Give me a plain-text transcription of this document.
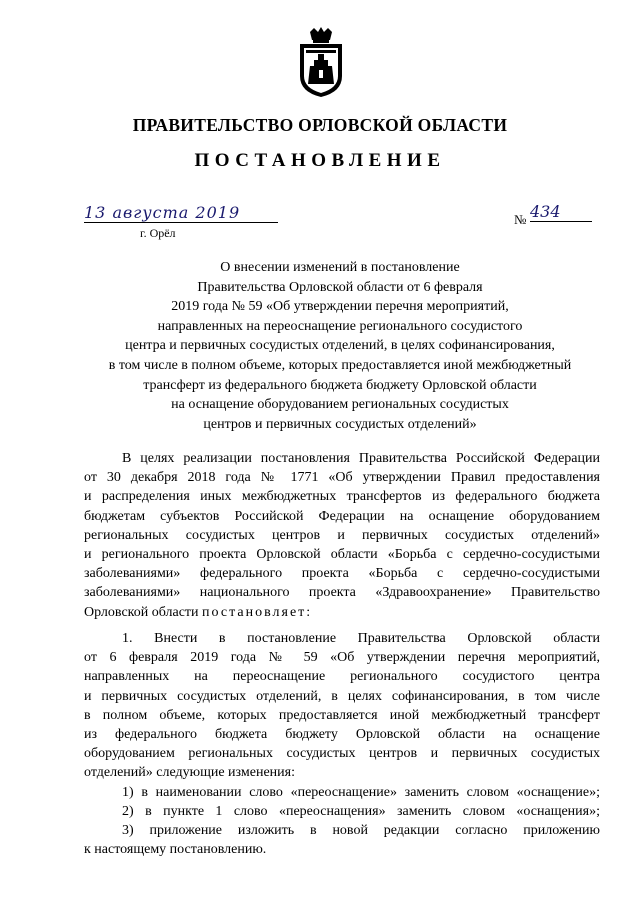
ПРАВИТЕЛЬСТВО ОРЛОВСКОЙ ОБЛАСТИ
ПОСТАНОВЛЕНИЕ
13 августа 2019
г. Орёл
№ 434
О внесении изменений в постановление
Правительства Орловской области от 6 февраля
2019 года № 59 «Об утверждении перечня мероприятий,
направленных на переоснащение регионального сосудистого
центра и первичных сосудистых отделений, в целях софинансирования,
в том числе в полном объеме, которых предоставляется иной межбюджетный
трансферт из федерального бюджета бюджету Орловской области
на оснащение оборудованием региональных сосудистых
центров и первичных сосудистых отделений»
В целях реализации постановления Правительства Российской Федерации
от 30 декабря 2018 года № 1771 «Об утверждении Правил предоставления
и распределения иных межбюджетных трансфертов из федерального бюджета
бюджетам субъектов Российской Федерации на оснащение оборудованием
региональных сосудистых центров и первичных сосудистых отделений»
и регионального проекта Орловской области «Борьба с сердечно-сосудистыми
заболеваниями» федерального проекта «Борьба с сердечно-сосудистыми
заболеваниями» национального проекта «Здравоохранение» Правительство
Орловской области постановляет:
1. Внести в постановление Правительства Орловской области
от 6 февраля 2019 года № 59 «Об утверждении перечня мероприятий,
направленных на переоснащение регионального сосудистого центра
и первичных сосудистых отделений, в целях софинансирования, в том числе
в полном объеме, которых предоставляется иной межбюджетный трансферт
из федерального бюджета бюджету Орловской области на оснащение
оборудованием региональных сосудистых центров и первичных сосудистых
отделений» следующие изменения:
1) в наименовании слово «переоснащение» заменить словом «оснащение»;
2) в пункте 1 слово «переоснащения» заменить словом «оснащения»;
3) приложение изложить в новой редакции согласно приложению
к настоящему постановлению.
